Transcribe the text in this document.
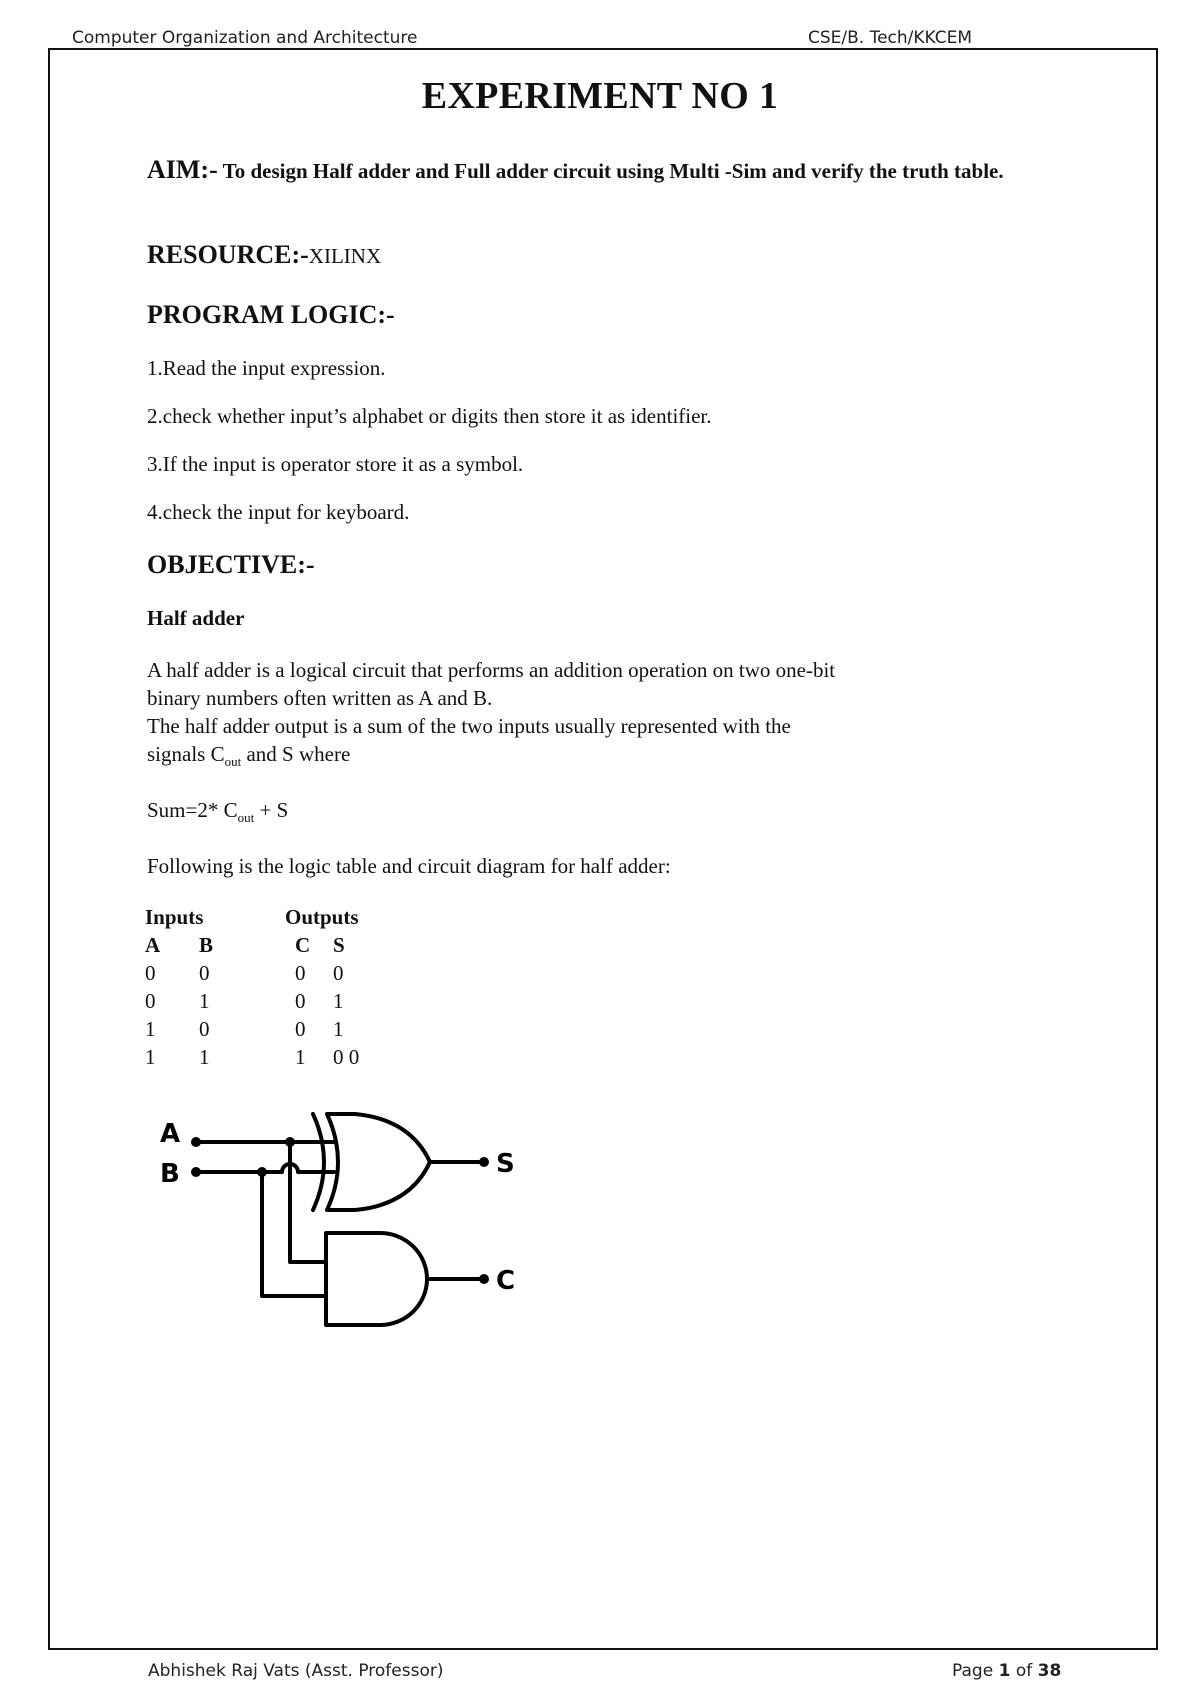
Computer Organization and Architecture	CSE/B. Tech/KKCEM
EXPERIMENT NO 1
AIM:- To design Half adder and Full adder circuit using Multi -Sim and verify the truth table.
RESOURCE:-XILINX
PROGRAM LOGIC:-
1.Read the input expression.
2.check whether input’s alphabet or digits then store it as identifier.
3.If the input is operator store it as a symbol.
4.check the input for keyboard.
OBJECTIVE:-
Half adder
A half adder is a logical circuit that performs an addition operation on two one-bit
binary numbers often written as A and B.
The half adder output is a sum of the two inputs usually represented with the
signals $C_{out}$ and S where
Sum=2* $C_{out} + S$
Following is the logic table and circuit diagram for half adder:
Inputs		Outputs	
A	B	C	S
0	0	0	0
0	1	0	1
1	0	0	1
1	1	1	0 0
A
B	S
C
Abhishek Raj Vats (Asst. Professor)	Page 1 of 38
